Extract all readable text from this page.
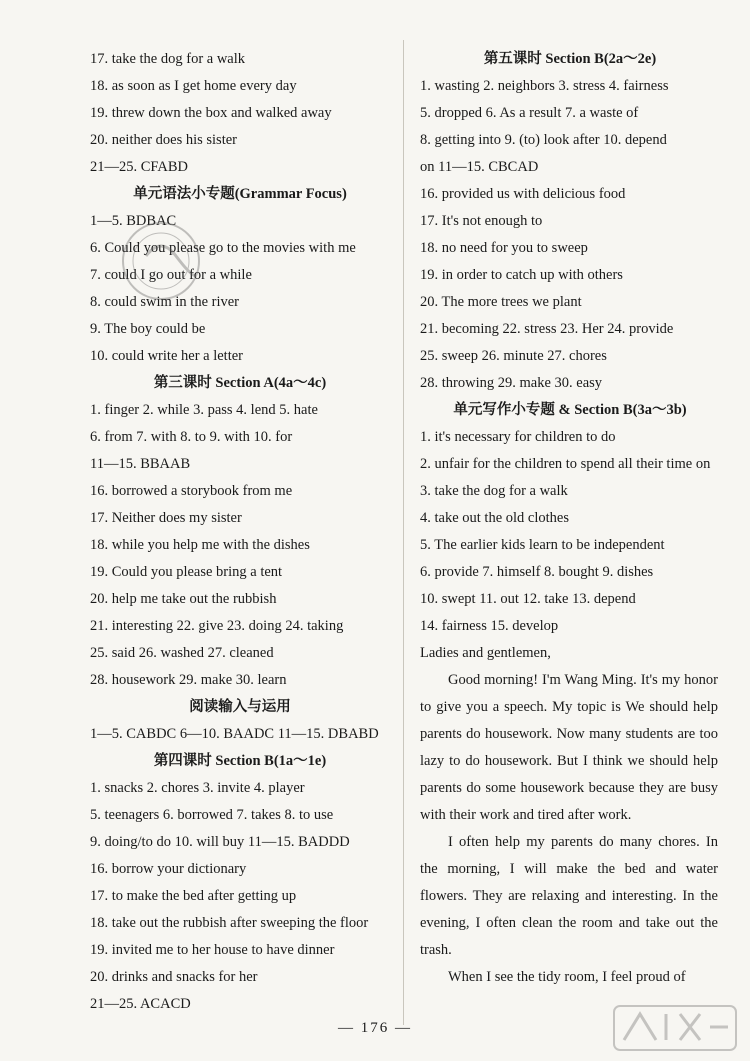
17. take the dog for a walk
18. as soon as I get home every day
19. threw down the box and walked away
20. neither does his sister
21—25. CFABD
单元语法小专题(Grammar Focus)
1—5. BDBAC
6. Could you please go to the movies with me
7. could I go out for a while
8. could swim in the river
9. The boy could be
10. could write her a letter
第三课时 Section A(4a～4c)
1. finger 2. while 3. pass 4. lend 5. hate
6. from 7. with 8. to 9. with 10. for
11—15. BBAAB
16. borrowed a storybook from me
17. Neither does my sister
18. while you help me with the dishes
19. Could you please bring a tent
20. help me take out the rubbish
21. interesting 22. give 23. doing 24. taking
25. said 26. washed 27. cleaned
28. housework 29. make 30. learn
阅读输入与运用
1—5. CABDC 6—10. BAADC 11—15. DBABD
第四课时 Section B(1a～1e)
1. snacks 2. chores 3. invite 4. player
5. teenagers 6. borrowed 7. takes 8. to use
9. doing/to do 10. will buy 11—15. BADDD
16. borrow your dictionary
17. to make the bed after getting up
18. take out the rubbish after sweeping the floor
19. invited me to her house to have dinner
20. drinks and snacks for her
21—25. ACACD
第五课时 Section B(2a～2e)
1. wasting 2. neighbors 3. stress 4. fairness
5. dropped 6. As a result 7. a waste of
8. getting into 9. (to) look after 10. depend
on 11—15. CBCAD
16. provided us with delicious food
17. It's not enough to
18. no need for you to sweep
19. in order to catch up with others
20. The more trees we plant
21. becoming 22. stress 23. Her 24. provide
25. sweep 26. minute 27. chores
28. throwing 29. make 30. easy
单元写作小专题 & Section B(3a～3b)
1. it's necessary for children to do
2. unfair for the children to spend all their time on
3. take the dog for a walk
4. take out the old clothes
5. The earlier kids learn to be independent
6. provide 7. himself 8. bought 9. dishes
10. swept 11. out 12. take 13. depend
14. fairness 15. develop
Ladies and gentlemen,

Good morning! I'm Wang Ming. It's my honor to give you a speech. My topic is We should help parents do housework. Now many students are too lazy to do housework. But I think we should help parents do some housework because they are busy with their work and tired after work.

I often help my parents do many chores. In the morning, I will make the bed and water flowers. They are relaxing and interesting. In the evening, I often clean the room and take out the trash.

When I see the tidy room, I feel proud of

— 176 —
